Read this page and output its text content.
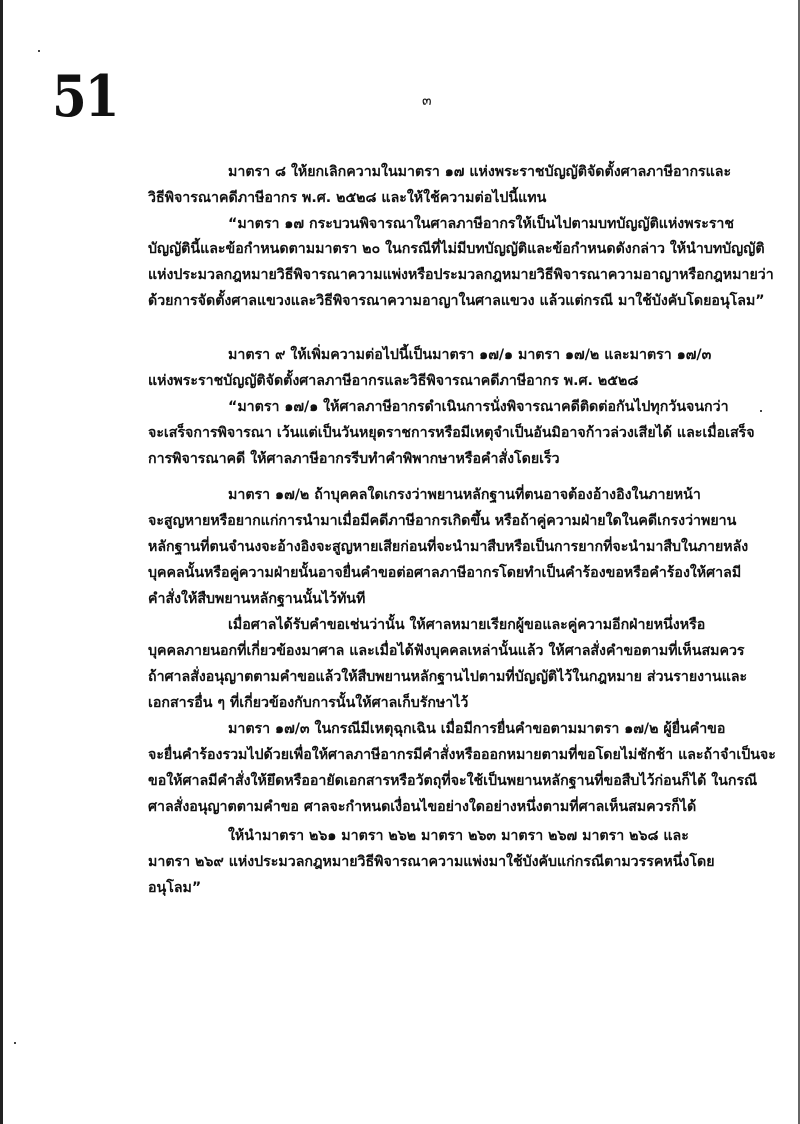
51	๓
มาตรา ๘ ให้ยกเลิกความในมาตรา ๑๗ แห่งพระราชบัญญัติจัดตั้งศาลภาษีอากรและ
วิธีพิจารณาคดีภาษีอากร พ.ศ. ๒๕๒๘ และให้ใช้ความต่อไปนี้แทน
“มาตรา ๑๗ กระบวนพิจารณาในศาลภาษีอากรให้เป็นไปตามบทบัญญัติแห่งพระราช
บัญญัตินี้และข้อกำหนดตามมาตรา ๒๐ ในกรณีที่ไม่มีบทบัญญัติและข้อกำหนดดังกล่าว ให้นำบทบัญญัติ
แห่งประมวลกฎหมายวิธีพิจารณาความแพ่งหรือประมวลกฎหมายวิธีพิจารณาความอาญาหรือกฎหมายว่า
ด้วยการจัดตั้งศาลแขวงและวิธีพิจารณาความอาญาในศาลแขวง แล้วแต่กรณี มาใช้บังคับโดยอนุโลม”
มาตรา ๙ ให้เพิ่มความต่อไปนี้เป็นมาตรา ๑๗/๑ มาตรา ๑๗/๒ และมาตรา ๑๗/๓
แห่งพระราชบัญญัติจัดตั้งศาลภาษีอากรและวิธีพิจารณาคดีภาษีอากร พ.ศ. ๒๕๒๘
“มาตรา ๑๗/๑ ให้ศาลภาษีอากรดำเนินการนั่งพิจารณาคดีติดต่อกันไปทุกวันจนกว่า
จะเสร็จการพิจารณา เว้นแต่เป็นวันหยุดราชการหรือมีเหตุจำเป็นอันมิอาจก้าวล่วงเสียได้ และเมื่อเสร็จ
การพิจารณาคดี ให้ศาลภาษีอากรรีบทำคำพิพากษาหรือคำสั่งโดยเร็ว
มาตรา ๑๗/๒ ถ้าบุคคลใดเกรงว่าพยานหลักฐานที่ตนอาจต้องอ้างอิงในภายหน้า
จะสูญหายหรือยากแก่การนำมาเมื่อมีคดีภาษีอากรเกิดขึ้น หรือถ้าคู่ความฝ่ายใดในคดีเกรงว่าพยาน
หลักฐานที่ตนจำนงจะอ้างอิงจะสูญหายเสียก่อนที่จะนำมาสืบหรือเป็นการยากที่จะนำมาสืบในภายหลัง
บุคคลนั้นหรือคู่ความฝ่ายนั้นอาจยื่นคำขอต่อศาลภาษีอากรโดยทำเป็นคำร้องขอหรือคำร้องให้ศาลมี
คำสั่งให้สืบพยานหลักฐานนั้นไว้ทันที
เมื่อศาลได้รับคำขอเช่นว่านั้น ให้ศาลหมายเรียกผู้ขอและคู่ความอีกฝ่ายหนึ่งหรือ
บุคคลภายนอกที่เกี่ยวข้องมาศาล และเมื่อได้ฟังบุคคลเหล่านั้นแล้ว ให้ศาลสั่งคำขอตามที่เห็นสมควร
ถ้าศาลสั่งอนุญาตตามคำขอแล้วให้สืบพยานหลักฐานไปตามที่บัญญัติไว้ในกฎหมาย ส่วนรายงานและ
เอกสารอื่น ๆ ที่เกี่ยวข้องกับการนั้นให้ศาลเก็บรักษาไว้
มาตรา ๑๗/๓ ในกรณีมีเหตุฉุกเฉิน เมื่อมีการยื่นคำขอตามมาตรา ๑๗/๒ ผู้ยื่นคำขอ
จะยื่นคำร้องรวมไปด้วยเพื่อให้ศาลภาษีอากรมีคำสั่งหรือออกหมายตามที่ขอโดยไม่ชักช้า และถ้าจำเป็นจะ
ขอให้ศาลมีคำสั่งให้ยึดหรืออายัดเอกสารหรือวัตถุที่จะใช้เป็นพยานหลักฐานที่ขอสืบไว้ก่อนก็ได้ ในกรณี
ศาลสั่งอนุญาตตามคำขอ ศาลจะกำหนดเงื่อนไขอย่างใดอย่างหนึ่งตามที่ศาลเห็นสมควรก็ได้
ให้นำมาตรา ๒๖๑ มาตรา ๒๖๒ มาตรา ๒๖๓ มาตรา ๒๖๗ มาตรา ๒๖๘ และ
มาตรา ๒๖๙ แห่งประมวลกฎหมายวิธีพิจารณาความแพ่งมาใช้บังคับแก่กรณีตามวรรคหนึ่งโดย
อนุโลม”
